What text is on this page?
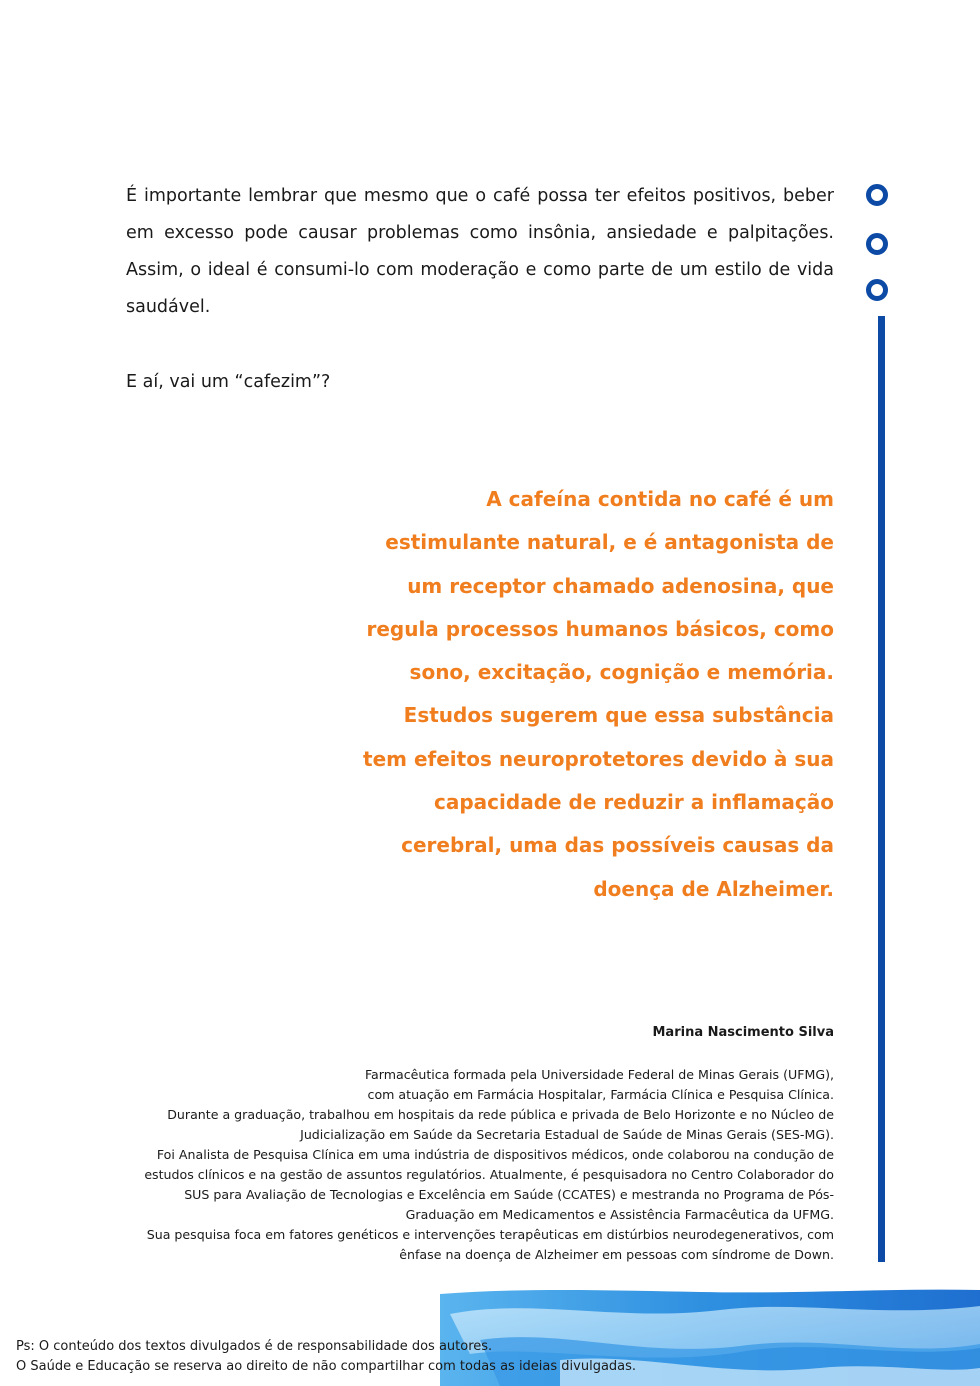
É importante lembrar que mesmo que o café possa ter efeitos positivos, beber em excesso pode causar problemas como insônia, ansiedade e palpitações. Assim, o ideal é consumi-lo com moderação e como parte de um estilo de vida saudável.

E aí, vai um “cafezim”?

A cafeína contida no café é um estimulante natural, e é antagonista de um receptor chamado adenosina, que regula processos humanos básicos, como sono, excitação, cognição e memória. Estudos sugerem que essa substância tem efeitos neuroprotetores devido à sua capacidade de reduzir a inflamação cerebral, uma das possíveis causas da doença de Alzheimer.

Marina Nascimento Silva

Farmacêutica formada pela Universidade Federal de Minas Gerais (UFMG),
com atuação em Farmácia Hospitalar, Farmácia Clínica e Pesquisa Clínica.
Durante a graduação, trabalhou em hospitais da rede pública e privada de Belo Horizonte e no Núcleo de
Judicialização em Saúde da Secretaria Estadual de Saúde de Minas Gerais (SES-MG).
Foi Analista de Pesquisa Clínica em uma indústria de dispositivos médicos, onde colaborou na condução de
estudos clínicos e na gestão de assuntos regulatórios. Atualmente, é pesquisadora no Centro Colaborador do
SUS para Avaliação de Tecnologias e Excelência em Saúde (CCATES) e mestranda no Programa de Pós-
Graduação em Medicamentos e Assistência Farmacêutica da UFMG.
Sua pesquisa foca em fatores genéticos e intervenções terapêuticas em distúrbios neurodegenerativos, com
ênfase na doença de Alzheimer em pessoas com síndrome de Down.

Ps: O conteúdo dos textos divulgados é de responsabilidade dos autores.
O Saúde e Educação se reserva ao direito de não compartilhar com todas as ideias divulgadas.
